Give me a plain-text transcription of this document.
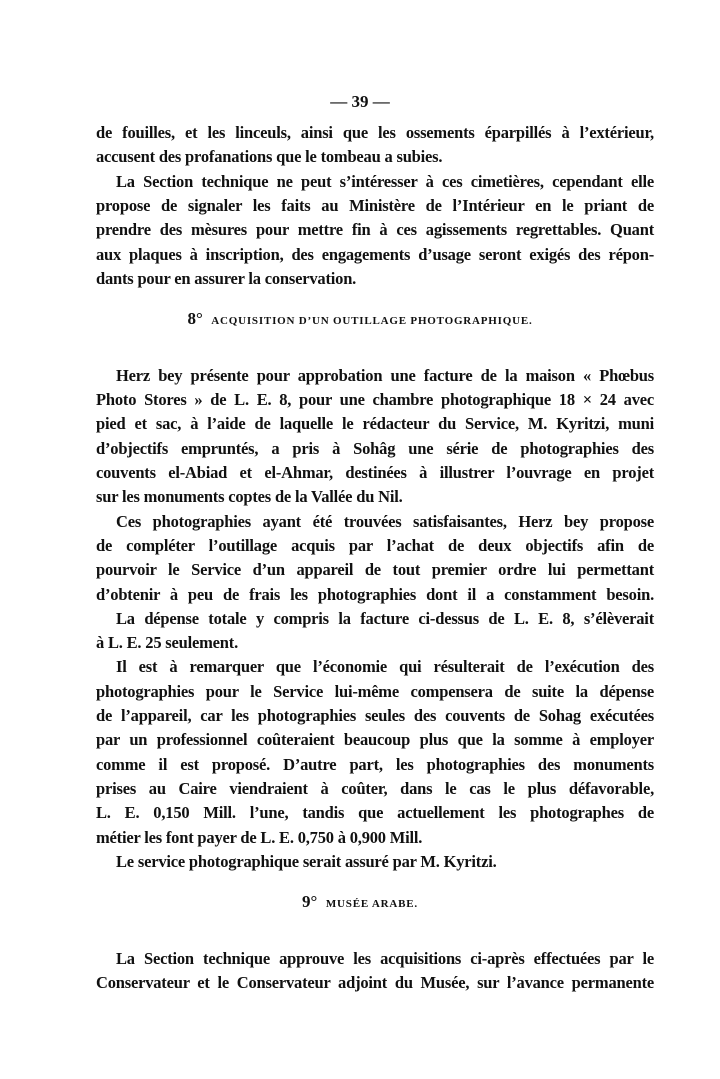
— 39 —
de fouilles, et les linceuls, ainsi que les ossements éparpillés à l’extérieur,
accusent des profanations que le tombeau a subies.
La Section technique ne peut s’intéresser à ces cimetières, cependant elle
propose de signaler les faits au Ministère de l’Intérieur en le priant de
prendre des mèsures pour mettre fin à ces agissements regrettables. Quant
aux plaques à inscription, des engagements d’usage seront exigés des répon-
dants pour en assurer la conservation.
8°  ACQUISITION D’UN OUTILLAGE PHOTOGRAPHIQUE.
Herz bey présente pour approbation une facture de la maison « Phœbus
Photo Stores » de L. E. 8, pour une chambre photographique 18 × 24 avec
pied et sac, à l’aide de laquelle le rédacteur du Service, M. Kyritzi, muni
d’objectifs empruntés, a pris à Sohâg une série de photographies des
couvents el-Abiad et el-Ahmar, destinées à illustrer l’ouvrage en projet
sur les monuments coptes de la Vallée du Nil.
Ces photographies ayant été trouvées satisfaisantes, Herz bey propose
de compléter l’outillage acquis par l’achat de deux objectifs afin de
pourvoir le Service d’un appareil de tout premier ordre lui permettant
d’obtenir à peu de frais les photographies dont il a constamment besoin.
La dépense totale y compris la facture ci-dessus de L. E. 8, s’élèverait
à L. E. 25 seulement.
Il est à remarquer que l’économie qui résulterait de l’exécution des
photographies pour le Service lui-même compensera de suite la dépense
de l’appareil, car les photographies seules des couvents de Sohag exécutées
par un professionnel coûteraient beaucoup plus que la somme à employer
comme il est proposé. D’autre part, les photographies des monuments
prises au Caire viendraient à coûter, dans le cas le plus défavorable,
L. E. 0,150 Mill. l’une, tandis que actuellement les photographes de
métier les font payer de L. E. 0,750 à 0,900 Mill.
Le service photographique serait assuré par M. Kyritzi.
9°  MUSÉE ARABE.
La Section technique approuve les acquisitions ci-après effectuées par le
Conservateur et le Conservateur adjoint du Musée, sur l’avance permanente
